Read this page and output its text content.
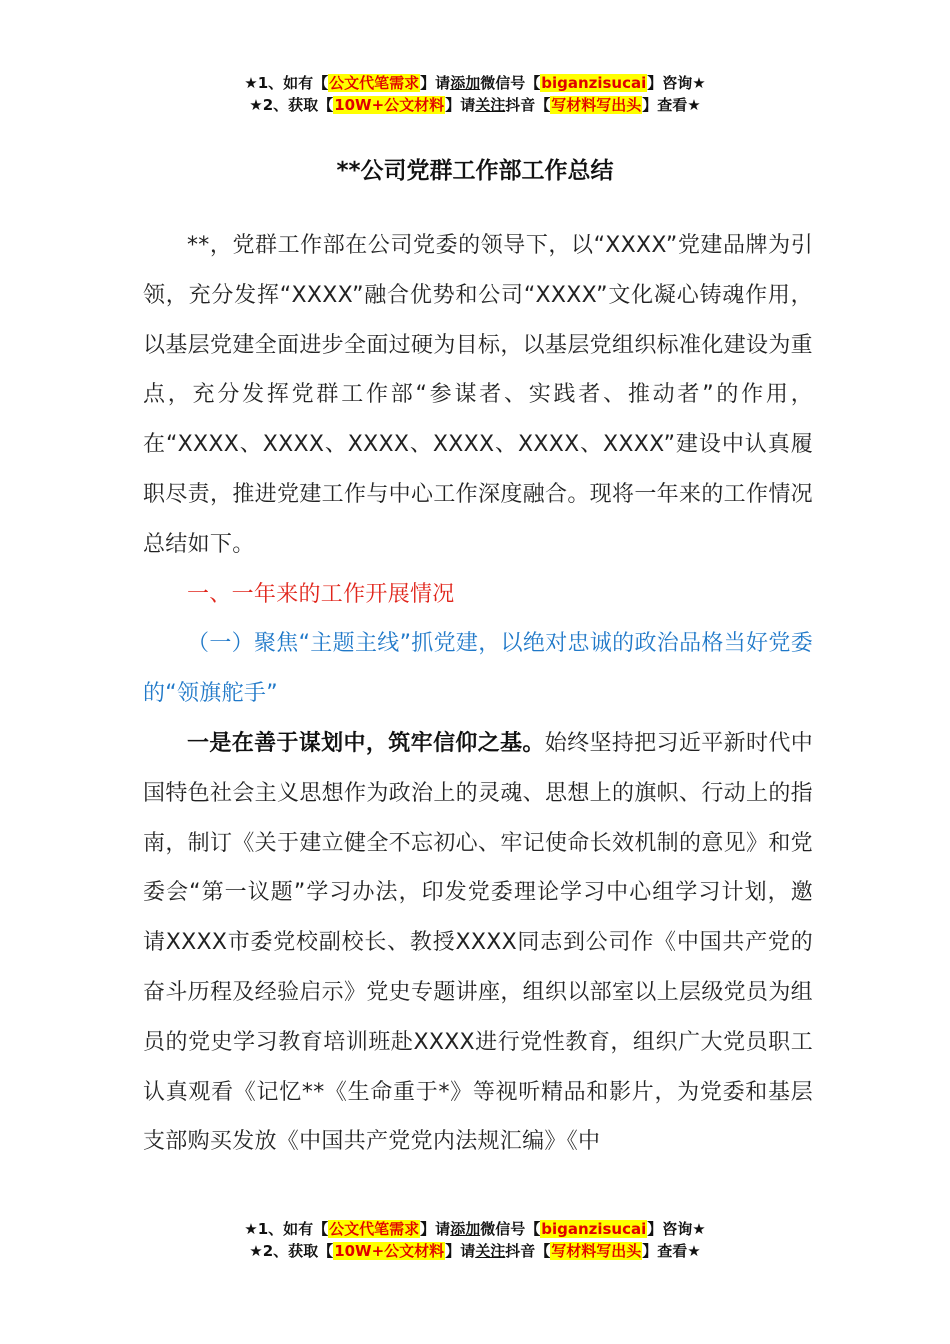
★1、如有【公文代笔需求】请添加微信号【biganzisucai】咨询★
★2、获取【10W+公文材料】请关注抖音【写材料写出头】查看★
**公司党群工作部工作总结

**，党群工作部在公司党委的领导下，以“XXXX”党建品牌为引领，充分发挥“XXXX”融合优势和公司“XXXX”文化凝心铸魂作用，以基层党建全面进步全面过硬为目标，以基层党组织标准化建设为重点，充分发挥党群工作部“参谋者、实践者、推动者”的作用，在“XXXX、XXXX、XXXX、XXXX、XXXX、XXXX”建设中认真履职尽责，推进党建工作与中心工作深度融合。现将一年来的工作情况总结如下。

一、一年来的工作开展情况

（一）聚焦“主题主线”抓党建，以绝对忠诚的政治品格当好党委的“领旗舵手”

一是在善于谋划中，筑牢信仰之基。始终坚持把习近平新时代中国特色社会主义思想作为政治上的灵魂、思想上的旗帜、行动上的指南，制订《关于建立健全不忘初心、牢记使命长效机制的意见》和党委会“第一议题”学习办法，印发党委理论学习中心组学习计划，邀请XXXX市委党校副校长、教授XXXX同志到公司作《中国共产党的奋斗历程及经验启示》党史专题讲座，组织以部室以上层级党员为组员的党史学习教育培训班赴XXXX进行党性教育，组织广大党员职工认真观看《记忆**《生命重于*》等视听精品和影片，为党委和基层支部购买发放《中国共产党党内法规汇编》《中

★1、如有【公文代笔需求】请添加微信号【biganzisucai】咨询★
★2、获取【10W+公文材料】请关注抖音【写材料写出头】查看★
